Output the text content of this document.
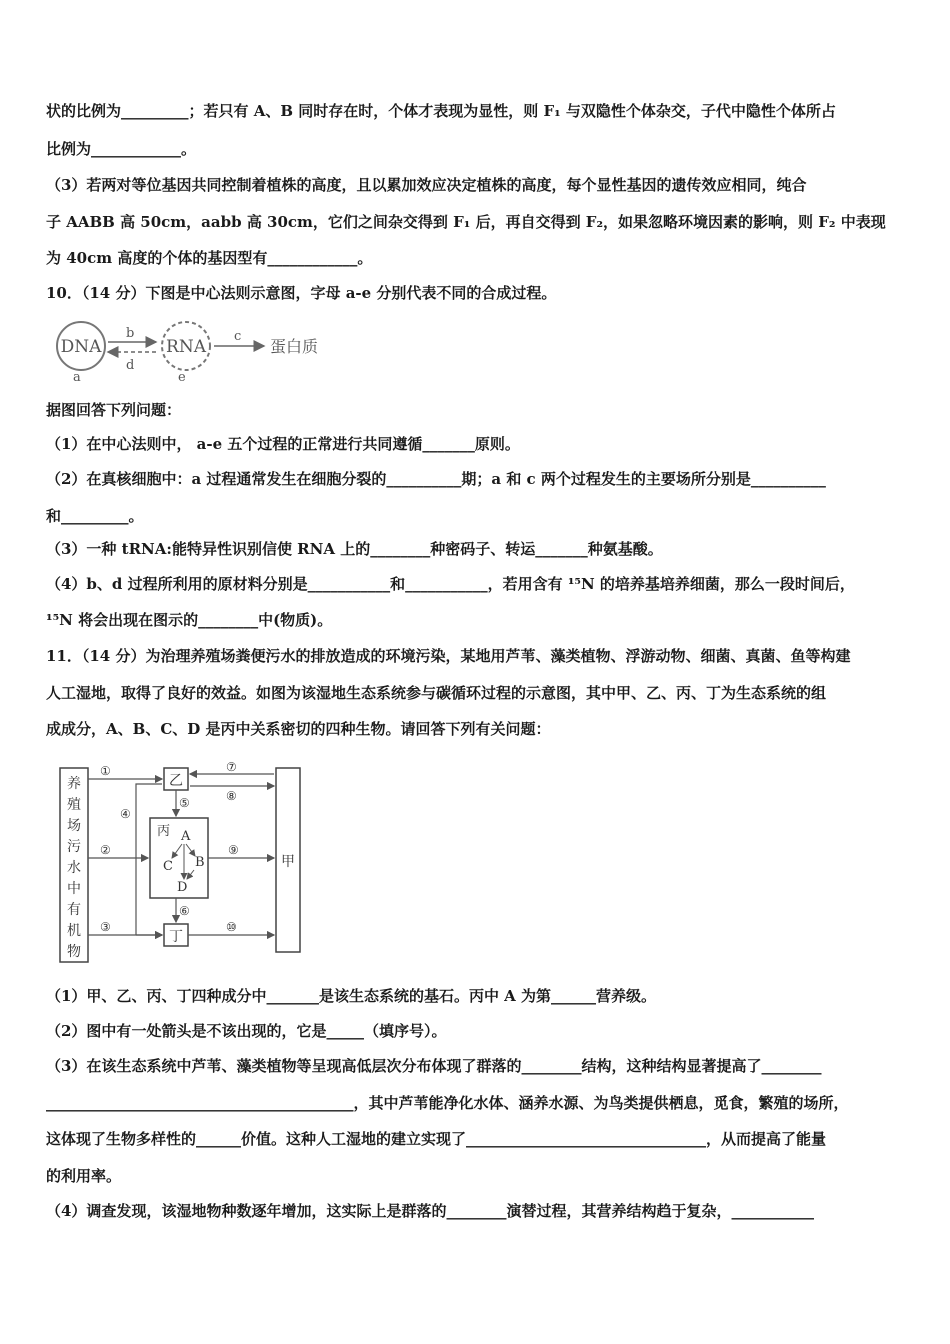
状的比例为_________；若只有 A、B 同时存在时，个体才表现为显性，则 F₁ 与双隐性个体杂交，子代中隐性个体所占
比例为____________。
（3）若两对等位基因共同控制着植株的高度，且以累加效应决定植株的高度，每个显性基因的遗传效应相同，纯合
子 AABB 高 50cm，aabb 高 30cm，它们之间杂交得到 F₁ 后，再自交得到 F₂，如果忽略环境因素的影响，则 F₂ 中表现
为 40cm 高度的个体的基因型有____________。
10．（14 分）下图是中心法则示意图，字母 a-e 分别代表不同的合成过程。
DNA
a
b
d
RNA
e
c
蛋白质
据图回答下列问题：
（1）在中心法则中， a-e 五个过程的正常进行共同遵循_______原则。
（2）在真核细胞中：a 过程通常发生在细胞分裂的__________期；a 和 c 两个过程发生的主要场所分别是__________
和_________。
（3）一种 tRNA:能特异性识别信使 RNA 上的________种密码子、转运_______种氨基酸。
（4）b、d 过程所利用的原材料分别是___________和___________，若用含有 ¹⁵N 的培养基培养细菌，那么一段时间后，
¹⁵N 将会出现在图示的________中(物质)。
11．（14 分）为治理养殖场粪便污水的排放造成的环境污染，某地用芦苇、藻类植物、浮游动物、细菌、真菌、鱼等构建
人工湿地，取得了良好的效益。如图为该湿地生态系统参与碳循环过程的示意图，其中甲、乙、丙、丁为生态系统的组
成成分，A、B、C、D 是丙中关系密切的四种生物。请回答下列有关问题：
养
殖
场
污
水
中
有
机
物
乙
丙 A
B
C
D
丁
甲
①
②
③
④
⑤
⑥
⑦
⑧
⑨
⑩
（1）甲、乙、丙、丁四种成分中_______是该生态系统的基石。丙中 A 为第______营养级。
（2）图中有一处箭头是不该出现的，它是_____（填序号）。
（3）在该生态系统中芦苇、藻类植物等呈现高低层次分布体现了群落的________结构，这种结构显著提高了________
_________________________________________，其中芦苇能净化水体、涵养水源、为鸟类提供栖息，觅食，繁殖的场所，
这体现了生物多样性的______价值。这种人工湿地的建立实现了________________________________，从而提高了能量
的利用率。
（4）调查发现，该湿地物种数逐年增加，这实际上是群落的________演替过程，其营养结构趋于复杂，___________
